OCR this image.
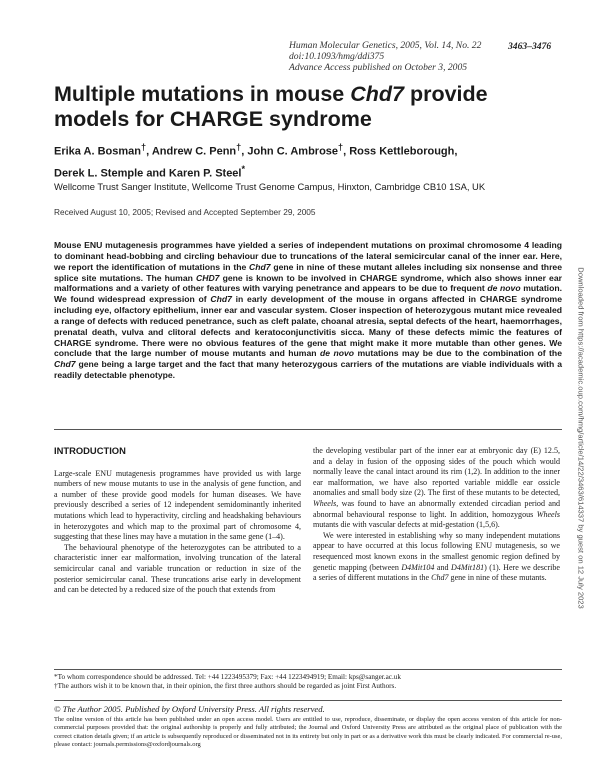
Human Molecular Genetics, 2005, Vol. 14, No. 22
doi:10.1093/hmg/ddi375
Advance Access published on October 3, 2005
3463–3476
Multiple mutations in mouse Chd7 provide models for CHARGE syndrome
Erika A. Bosman†, Andrew C. Penn†, John C. Ambrose†, Ross Kettleborough,
Derek L. Stemple and Karen P. Steel*
Wellcome Trust Sanger Institute, Wellcome Trust Genome Campus, Hinxton, Cambridge CB10 1SA, UK
Received August 10, 2005; Revised and Accepted September 29, 2005
Mouse ENU mutagenesis programmes have yielded a series of independent mutations on proximal chromosome 4 leading to dominant head-bobbing and circling behaviour due to truncations of the lateral semicircular canal of the inner ear. Here, we report the identification of mutations in the Chd7 gene in nine of these mutant alleles including six nonsense and three splice site mutations. The human CHD7 gene is known to be involved in CHARGE syndrome, which also shows inner ear malformations and a variety of other features with varying penetrance and appears to be due to frequent de novo mutation. We found widespread expression of Chd7 in early development of the mouse in organs affected in CHARGE syndrome including eye, olfactory epithelium, inner ear and vascular system. Closer inspection of heterozygous mutant mice revealed a range of defects with reduced penetrance, such as cleft palate, choanal atresia, septal defects of the heart, haemorrhages, prenatal death, vulva and clitoral defects and keratoconjunctivitis sicca. Many of these defects mimic the features of CHARGE syndrome. There were no obvious features of the gene that might make it more mutable than other genes. We conclude that the large number of mouse mutants and human de novo mutations may be due to the combination of the Chd7 gene being a large target and the fact that many heterozygous carriers of the mutations are viable individuals with a readily detectable phenotype.
INTRODUCTION

Large-scale ENU mutagenesis programmes have provided us with large numbers of new mouse mutants to use in the analysis of gene function, and a number of these provide good models for human diseases. We have previously described a series of 12 independent semidominantly inherited mutations which lead to hyperactivity, circling and headshaking behaviours in heterozygotes and which map to the proximal part of chromosome 4, suggesting that these lines may have a mutation in the same gene (1–4).

The behavioural phenotype of the heterozygotes can be attributed to a characteristic inner ear malformation, involving truncation of the lateral semicircular canal and variable truncation or reduction in size of the posterior semicircular canal. These truncations arise early in development and can be detected by a reduced size of the pouch that extends from

the developing vestibular part of the inner ear at embryonic day (E) 12.5, and a delay in fusion of the opposing sides of the pouch which would normally leave the canal intact around its rim (1,2). In addition to the inner ear malformation, we have also reported variable middle ear ossicle anomalies and small body size (2). The first of these mutants to be detected, Wheels, was found to have an abnormally extended circadian period and abnormal behavioural response to light. In addition, homozygous Wheels mutants die with vascular defects at mid-gestation (1,5,6).

We were interested in establishing why so many independent mutations appear to have occurred at this locus following ENU mutagenesis, so we resequenced most known exons in the smallest genomic region defined by genetic mapping (between D4Mit104 and D4Mit181) (1). Here we describe a series of different mutations in the Chd7 gene in nine of these mutants.

*To whom correspondence should be addressed. Tel: +44 1223495379; Fax: +44 1223494919; Email: kps@sanger.ac.uk
†The authors wish it to be known that, in their opinion, the first three authors should be regarded as joint First Authors.
© The Author 2005. Published by Oxford University Press. All rights reserved.
The online version of this article has been published under an open access model. Users are entitled to use, reproduce, disseminate, or display the open access version of this article for non-commercial purposes provided that: the original authorship is properly and fully attributed; the Journal and Oxford University Press are attributed as the original place of publication with the correct citation details given; if an article is subsequently reproduced or disseminated not in its entirety but only in part or as a derivative work this must be clearly indicated. For commercial re-use, please contact: journals.permissions@oxfordjournals.org
Downloaded from https://academic.oup.com/hmg/article/14/22/3463/614337 by guest on 12 July 2023
